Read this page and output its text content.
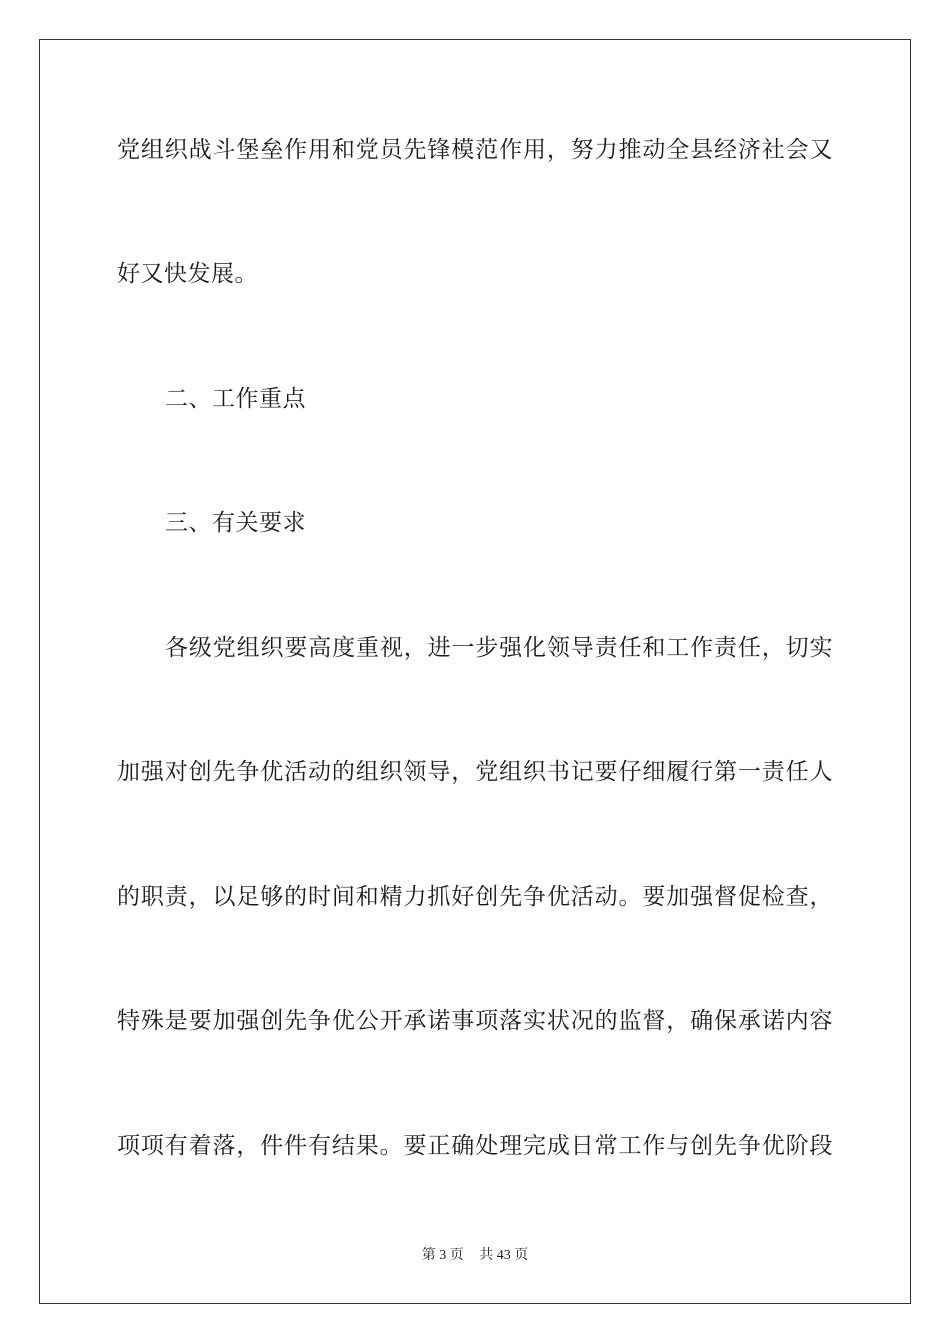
党组织战斗堡垒作用和党员先锋模范作用，努力推动全县经济社会又
好又快发展。
二、工作重点
三、有关要求
各级党组织要高度重视，进一步强化领导责任和工作责任，切实
加强对创先争优活动的组织领导，党组织书记要仔细履行第一责任人
的职责，以足够的时间和精力抓好创先争优活动。要加强督促检查，
特殊是要加强创先争优公开承诺事项落实状况的监督，确保承诺内容
项项有着落，件件有结果。要正确处理完成日常工作与创先争优阶段
第 3 页 共 43 页
